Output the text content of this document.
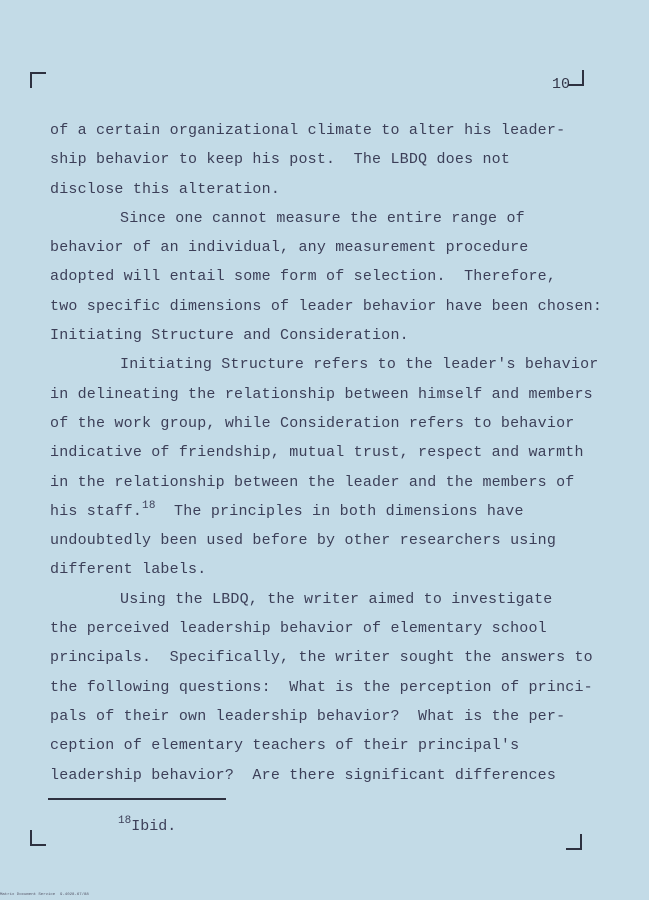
10
of a certain organizational climate to alter his leader-
ship behavior to keep his post.  The LBDQ does not
disclose this alteration.
Since one cannot measure the entire range of
behavior of an individual, any measurement procedure
adopted will entail some form of selection.  Therefore,
two specific dimensions of leader behavior have been chosen:
Initiating Structure and Consideration.
Initiating Structure refers to the leader's behavior
in delineating the relationship between himself and members
of the work group, while Consideration refers to behavior
indicative of friendship, mutual trust, respect and warmth
in the relationship between the leader and the members of
his staff.$^{18}$  The principles in both dimensions have
undoubtedly been used before by other researchers using
different labels.
Using the LBDQ, the writer aimed to investigate
the perceived leadership behavior of elementary school
principals.  Specifically, the writer sought the answers to
the following questions:  What is the perception of princi-
pals of their own leadership behavior?  What is the per-
ception of elementary teachers of their principal's
leadership behavior?  Are there significant differences
$^{18}$Ibid.
Matrix Document Service  9-4028-67/88
